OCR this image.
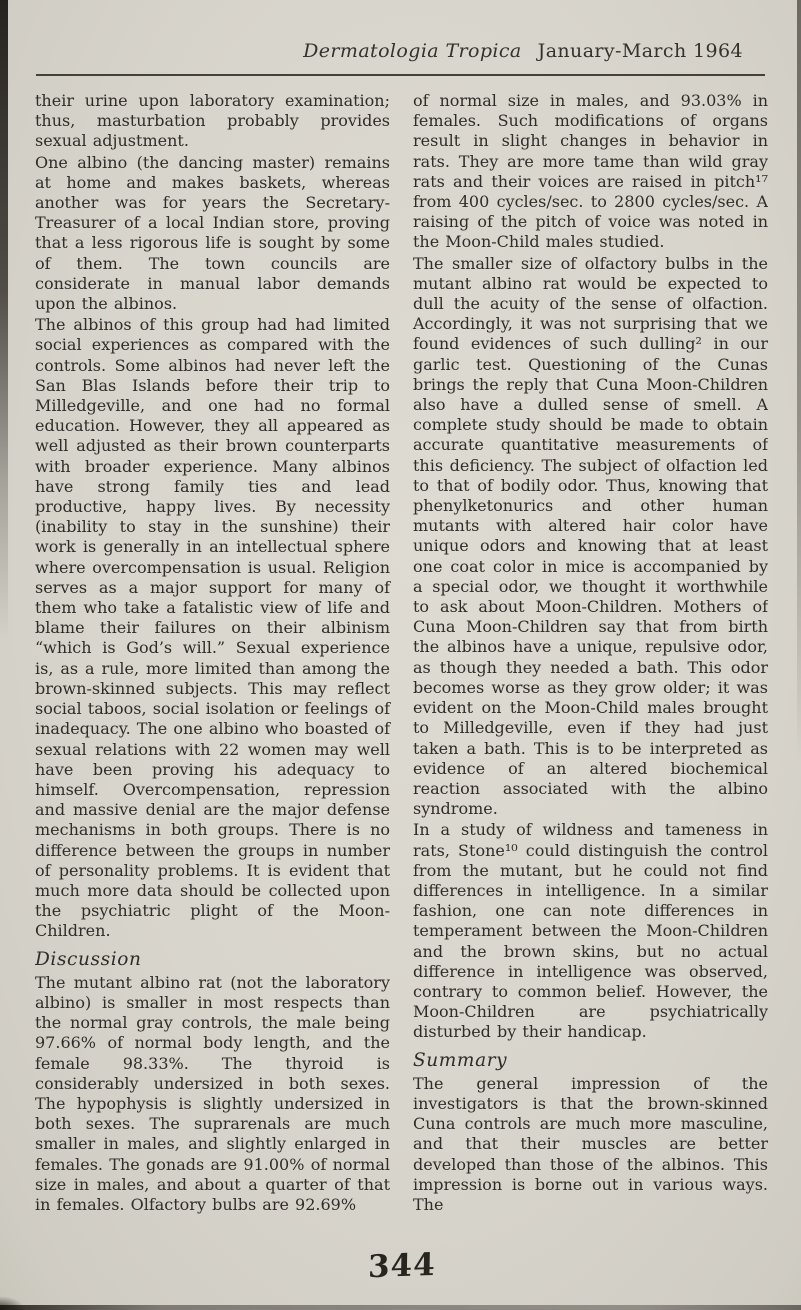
Dermatologia Tropica January-March 1964

their urine upon laboratory examination; thus, masturbation probably provides sexual adjustment.

One albino (the dancing master) remains at home and makes baskets, whereas another was for years the Secretary-Treasurer of a local Indian store, proving that a less rigorous life is sought by some of them. The town councils are considerate in manual labor demands upon the albinos.

The albinos of this group had had limited social experiences as compared with the controls. Some albinos had never left the San Blas Islands before their trip to Milledgeville, and one had no formal education. However, they all appeared as well adjusted as their brown counterparts with broader experience. Many albinos have strong family ties and lead productive, happy lives. By necessity (inability to stay in the sunshine) their work is generally in an intellectual sphere where overcompensation is usual. Religion serves as a major support for many of them who take a fatalistic view of life and blame their failures on their albinism “which is God’s will.” Sexual experience is, as a rule, more limited than among the brown-skinned subjects. This may reflect social taboos, social isolation or feelings of inadequacy. The one albino who boasted of sexual relations with 22 women may well have been proving his adequacy to himself. Overcompensation, repression and massive denial are the major defense mechanisms in both groups. There is no difference between the groups in number of personality problems. It is evident that much more data should be collected upon the psychiatric plight of the Moon-Children.

Discussion

The mutant albino rat (not the laboratory albino) is smaller in most respects than the normal gray controls, the male being 97.66% of normal body length, and the female 98.33%. The thyroid is considerably undersized in both sexes. The hypophysis is slightly undersized in both sexes. The suprarenals are much smaller in males, and slightly enlarged in females. The gonads are 91.00% of normal size in males, and about a quarter of that in females. Olfactory bulbs are 92.69%

of normal size in males, and 93.03% in females. Such modifications of organs result in slight changes in behavior in rats. They are more tame than wild gray rats and their voices are raised in pitch¹⁷ from 400 cycles/sec. to 2800 cycles/sec. A raising of the pitch of voice was noted in the Moon-Child males studied.

The smaller size of olfactory bulbs in the mutant albino rat would be expected to dull the acuity of the sense of olfaction. Accordingly, it was not surprising that we found evidences of such dulling² in our garlic test. Questioning of the Cunas brings the reply that Cuna Moon-Children also have a dulled sense of smell. A complete study should be made to obtain accurate quantitative measurements of this deficiency. The subject of olfaction led to that of bodily odor. Thus, knowing that phenylketonurics and other human mutants with altered hair color have unique odors and knowing that at least one coat color in mice is accompanied by a special odor, we thought it worthwhile to ask about Moon-Children. Mothers of Cuna Moon-Children say that from birth the albinos have a unique, repulsive odor, as though they needed a bath. This odor becomes worse as they grow older; it was evident on the Moon-Child males brought to Milledgeville, even if they had just taken a bath. This is to be interpreted as evidence of an altered biochemical reaction associated with the albino syndrome.

In a study of wildness and tameness in rats, Stone¹⁰ could distinguish the control from the mutant, but he could not find differences in intelligence. In a similar fashion, one can note differences in temperament between the Moon-Children and the brown skins, but no actual difference in intelligence was observed, contrary to common belief. However, the Moon-Children are psychiatrically disturbed by their handicap.

Summary

The general impression of the investigators is that the brown-skinned Cuna controls are much more masculine, and that their muscles are better developed than those of the albinos. This impression is borne out in various ways. The

344
